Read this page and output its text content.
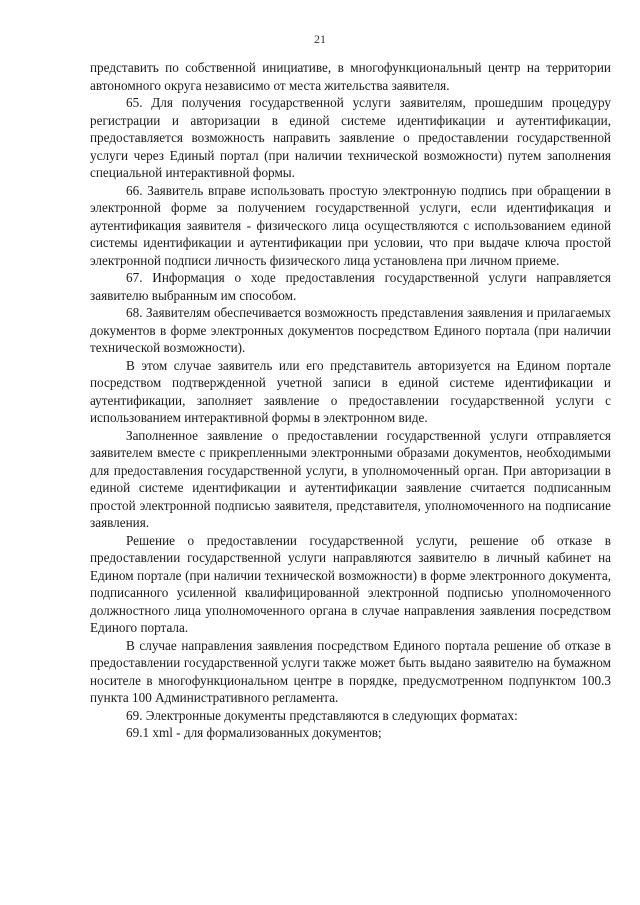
21

представить по собственной инициативе, в многофункциональный центр на территории автономного округа независимо от места жительства заявителя.

65. Для получения государственной услуги заявителям, прошедшим процедуру регистрации и авторизации в единой системе идентификации и аутентификации, предоставляется возможность направить заявление о предоставлении государственной услуги через Единый портал (при наличии технической возможности) путем заполнения специальной интерактивной формы.

66. Заявитель вправе использовать простую электронную подпись при обращении в электронной форме за получением государственной услуги, если идентификация и аутентификация заявителя - физического лица осуществляются с использованием единой системы идентификации и аутентификации при условии, что при выдаче ключа простой электронной подписи личность физического лица установлена при личном приеме.

67. Информация о ходе предоставления государственной услуги направляется заявителю выбранным им способом.

68. Заявителям обеспечивается возможность представления заявления и прилагаемых документов в форме электронных документов посредством Единого портала (при наличии технической возможности).

В этом случае заявитель или его представитель авторизуется на Едином портале посредством подтвержденной учетной записи в единой системе идентификации и аутентификации, заполняет заявление о предоставлении государственной услуги с использованием интерактивной формы в электронном виде.

Заполненное заявление о предоставлении государственной услуги отправляется заявителем вместе с прикрепленными электронными образами документов, необходимыми для предоставления государственной услуги, в уполномоченный орган. При авторизации в единой системе идентификации и аутентификации заявление считается подписанным простой электронной подписью заявителя, представителя, уполномоченного на подписание заявления.

Решение о предоставлении государственной услуги, решение об отказе в предоставлении государственной услуги направляются заявителю в личный кабинет на Едином портале (при наличии технической возможности) в форме электронного документа, подписанного усиленной квалифицированной электронной подписью уполномоченного должностного лица уполномоченного органа в случае направления заявления посредством Единого портала.

В случае направления заявления посредством Единого портала решение об отказе в предоставлении государственной услуги также может быть выдано заявителю на бумажном носителе в многофункциональном центре в порядке, предусмотренном подпунктом 100.3 пункта 100 Административного регламента.

69. Электронные документы представляются в следующих форматах:

69.1 xml - для формализованных документов;
